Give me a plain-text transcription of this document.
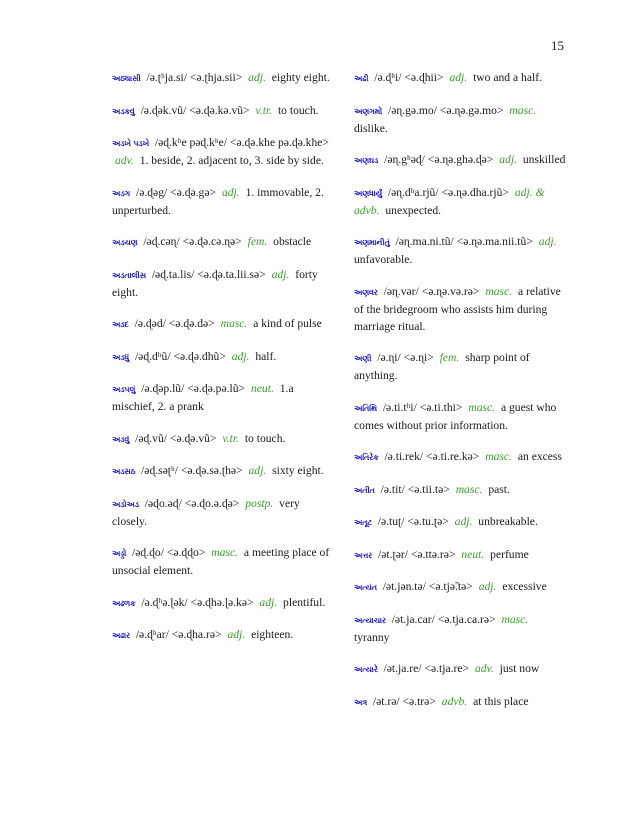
15
અઠ્યાસી /ə.ʈʰja.si/ <ə.ʈhja.sii> adj. eighty eight.
અડકવું /ə.ɖək.vũ/ <ə.ɖə.kə.vũ> v.tr. to touch.
અડખે પડખે /əɖ.kʰe pəɖ.kʰe/ <ə.ɖə.khe pə.ɖə.khe> adv. 1. beside, 2. adjacent to, 3. side by side.
અડગ /ə.ɖəg/ <ə.ɖə.gə> adj. 1. immovable, 2. unperturbed.
અડચણ /əɖ.cəɳ/ <ə.ɖə.cə.ɳə> fem. obstacle
અડતાલીસ /əɖ.ta.lis/ <ə.ɖə.ta.lii.sə> adj. forty eight.
અડદ /ə.ɖəd/ <ə.ɖə.də> masc. a kind of pulse
અડધું /əɖ.dʰũ/ <ə.ɖə.dhũ> adj. half.
અડપલું /ə.ɖəp.lũ/ <ə.ɖə.pə.lũ> neut. 1.a mischief, 2. a prank
અડવું /əɖ.vũ/ <ə.ɖə.vũ> v.tr. to touch.
અડસઠ /əɖ.səʈʰ/ <ə.ɖə.sə.ʈhə> adj. sixty eight.
અડોઅડ /əɖo.əɖ/ <ə.ɖo.ə.ɖə> postp. very closely.
અડ્ડો /əɖ.ɖo/ <ə.ɖɖo> masc. a meeting place of unsocial element.
અઢળક /ə.ɖʰə.ɭək/ <ə.ɖhə.ɭə.kə> adj. plentiful.
અઢાર /ə.ɖʰar/ <ə.ɖha.rə> adj. eighteen.
અઢી /ə.ɖʰi/ <ə.ɖhii> adj. two and a half.
અણગમો /əɳ.gə.mo/ <ə.ɳə.gə.mo> masc. dislike.
અણઘડ /əɳ.gʰəɖ/ <ə.ɳə.ghə.ɖə> adj. unskilled
અણધાર્યું /əɳ.dʰa.rjũ/ <ə.ɳə.dha.rjũ> adj. & advb. unexpected.
અણમાનીતું /əɳ.ma.ni.tũ/ <ə.ɳə.ma.nii.tũ> adj. unfavorable.
અણવર /əɳ.vər/ <ə.ɳə.və.rə> masc. a relative of the bridegroom who assists him during marriage ritual.
અણી /ə.ɳi/ <ə.ɳi> fem. sharp point of anything.
અતિથિ /ə.ti.tʰi/ <ə.ti.thi> masc. a guest who comes without prior information.
અતિરેક /ə.ti.rek/ <ə.ti.re.kə> masc. an excess
અતીત /ə.tit/ <ə.tii.tə> masc. past.
અતૂટ /ə.tuʈ/ <ə.tu.ʈə> adj. unbreakable.
અત્તર /ət.ʈər/ <ə.ttə.rə> neut. perfume
અત્યંત /ət.jən.tə/ <ə.tjə̃.tə> adj. excessive
અત્યાચાર /ət.ja.car/ <ə.tja.ca.rə> masc. tyranny
અત્યારે /ət.ja.re/ <ə.tja.re> adv. just now
અત્ર /ət.rə/ <ə.trə> advb. at this place
